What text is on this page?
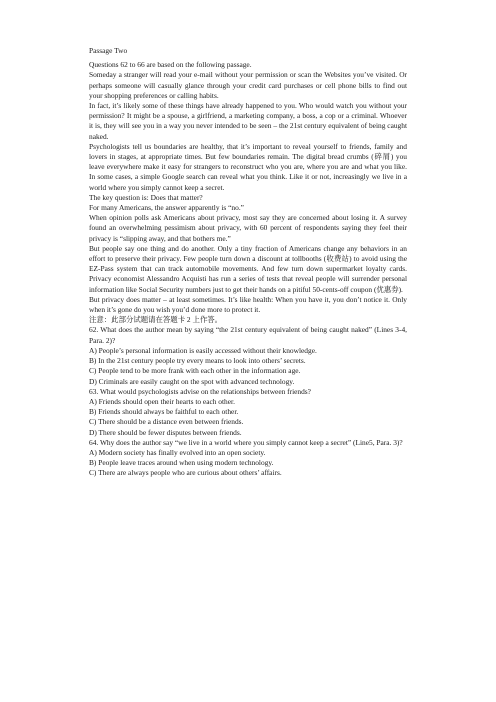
Passage Two

Questions 62 to 66 are based on the following passage.

Someday a stranger will read your e-mail without your permission or scan the Websites you’ve visited. Or perhaps someone will casually glance through your credit card purchases or cell phone bills to find out your shopping preferences or calling habits.

In fact, it’s likely some of these things have already happened to you. Who would watch you without your permission? It might be a spouse, a girlfriend, a marketing company, a boss, a cop or a criminal. Whoever it is, they will see you in a way you never intended to be seen – the 21st century equivalent of being caught naked.

Psychologists tell us boundaries are healthy, that it’s important to reveal yourself to friends, family and lovers in stages, at appropriate times. But few boundaries remain. The digital bread crumbs (碎屑) you leave everywhere make it easy for strangers to reconstruct who you are, where you are and what you like. In some cases, a simple Google search can reveal what you think. Like it or not, increasingly we live in a world where you simply cannot keep a secret.

The key question is: Does that matter?

For many Americans, the answer apparently is “no.”

When opinion polls ask Americans about privacy, most say they are concerned about losing it. A survey found an overwhelming pessimism about privacy, with 60 percent of respondents saying they feel their privacy is “slipping away, and that bothers me.”

But people say one thing and do another. Only a tiny fraction of Americans change any behaviors in an effort to preserve their privacy. Few people turn down a discount at tollbooths (收费站) to avoid using the EZ-Pass system that can track automobile movements. And few turn down supermarket loyalty cards. Privacy economist Alessandro Acquisti has run a series of tests that reveal people will surrender personal information like Social Security numbers just to get their hands on a pitiful 50-cents-off coupon (优惠券).

But privacy does matter – at least sometimes. It’s like health: When you have it, you don’t notice it. Only when it’s gone do you wish you’d done more to protect it.

注意：此部分试题请在答题卡 2 上作答。

62. What does the author mean by saying “the 21st century equivalent of being caught naked” (Lines 3-4, Para. 2)?

A) People’s personal information is easily accessed without their knowledge.

B) In the 21st century people try every means to look into others’ secrets.

C) People tend to be more frank with each other in the information age.

D) Criminals are easily caught on the spot with advanced technology.

63. What would psychologists advise on the relationships between friends?

A) Friends should open their hearts to each other.

B) Friends should always be faithful to each other.

C) There should be a distance even between friends.

D) There should be fewer disputes between friends.

64. Why does the author say “we live in a world where you simply cannot keep a secret” (Line5, Para. 3)?

A) Modern society has finally evolved into an open society.

B) People leave traces around when using modern technology.

C) There are always people who are curious about others’ affairs.
